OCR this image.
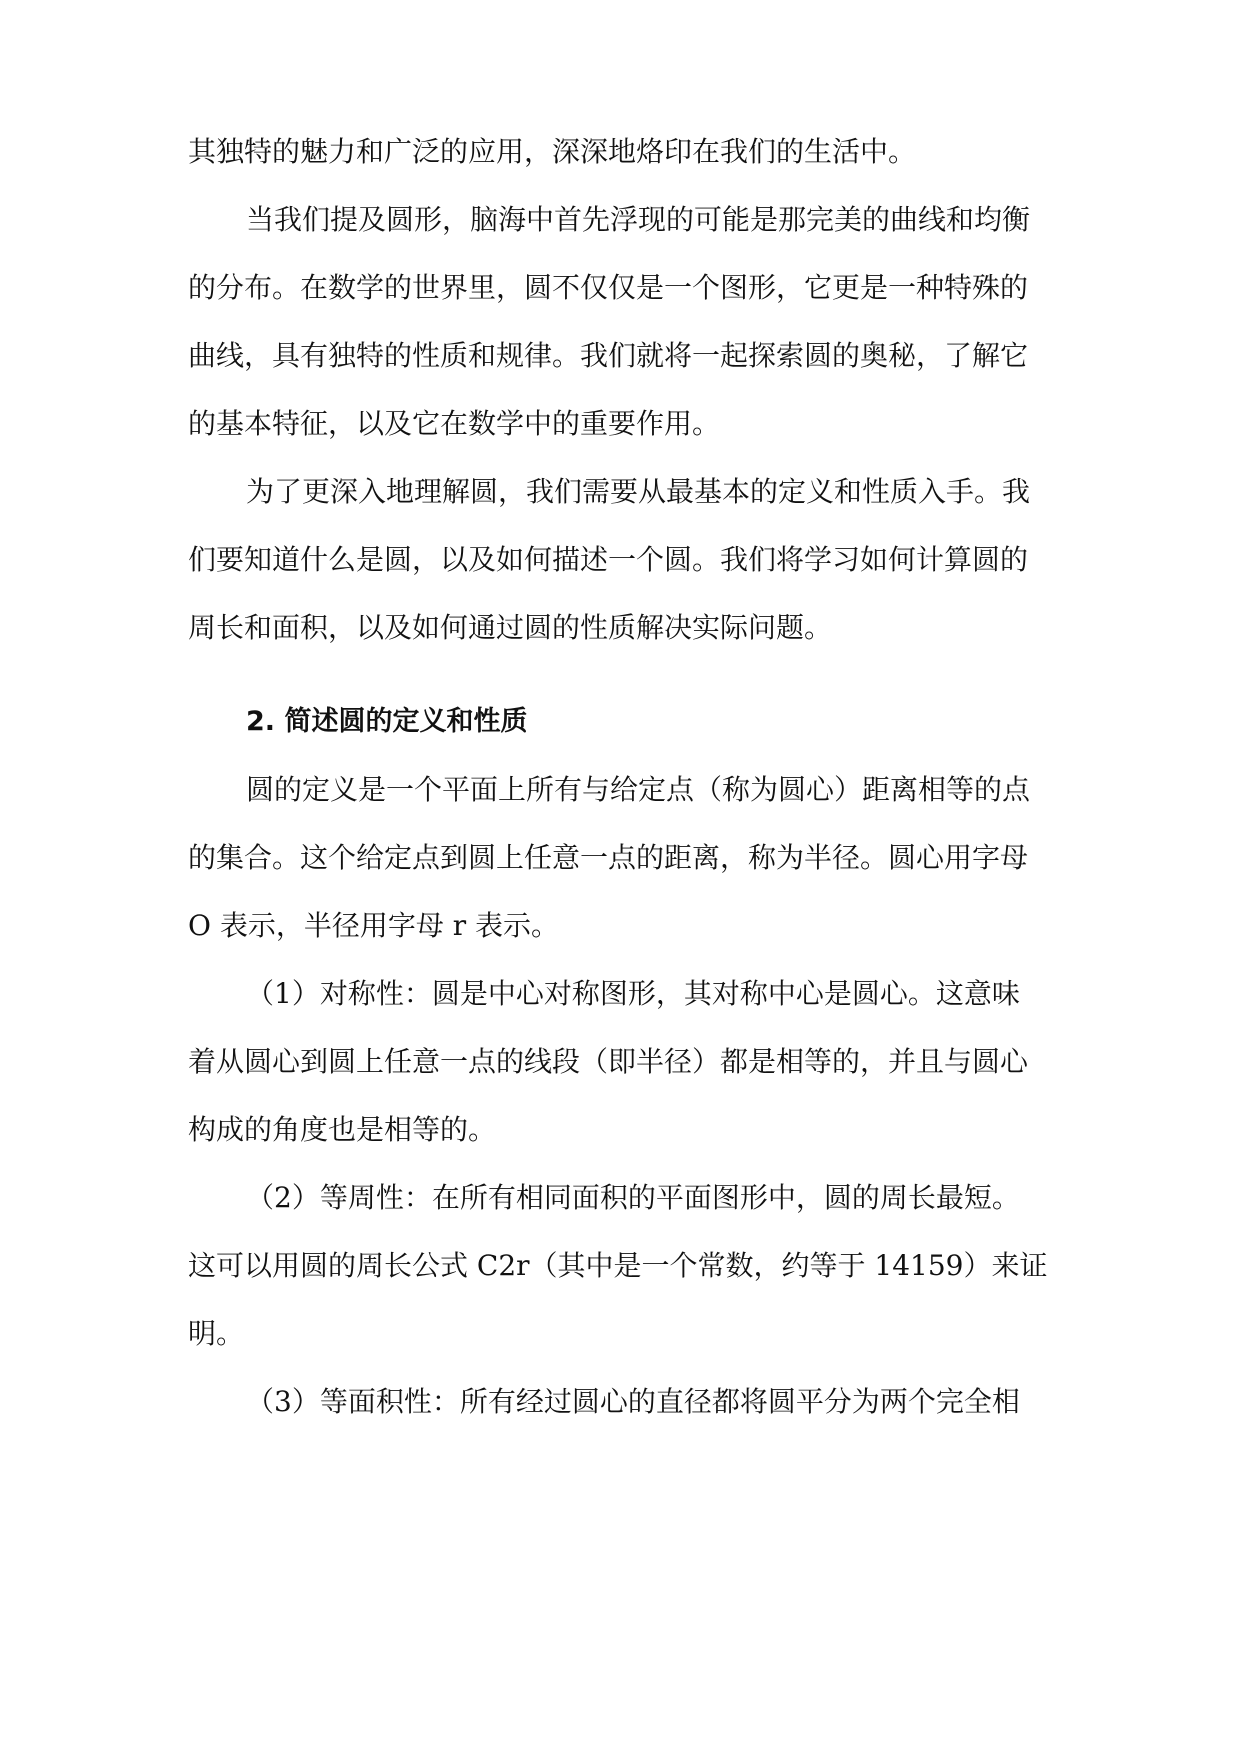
其独特的魅力和广泛的应用，深深地烙印在我们的生活中。
当我们提及圆形，脑海中首先浮现的可能是那完美的曲线和均衡
的分布。在数学的世界里，圆不仅仅是一个图形，它更是一种特殊的
曲线，具有独特的性质和规律。我们就将一起探索圆的奥秘，了解它
的基本特征，以及它在数学中的重要作用。
为了更深入地理解圆，我们需要从最基本的定义和性质入手。我
们要知道什么是圆，以及如何描述一个圆。我们将学习如何计算圆的
周长和面积，以及如何通过圆的性质解决实际问题。
2. 简述圆的定义和性质
圆的定义是一个平面上所有与给定点（称为圆心）距离相等的点
的集合。这个给定点到圆上任意一点的距离，称为半径。圆心用字母
O 表示，半径用字母 r 表示。
（1）对称性：圆是中心对称图形，其对称中心是圆心。这意味
着从圆心到圆上任意一点的线段（即半径）都是相等的，并且与圆心
构成的角度也是相等的。
（2）等周性：在所有相同面积的平面图形中，圆的周长最短。
这可以用圆的周长公式 C2r（其中是一个常数，约等于 14159）来证
明。
（3）等面积性：所有经过圆心的直径都将圆平分为两个完全相
